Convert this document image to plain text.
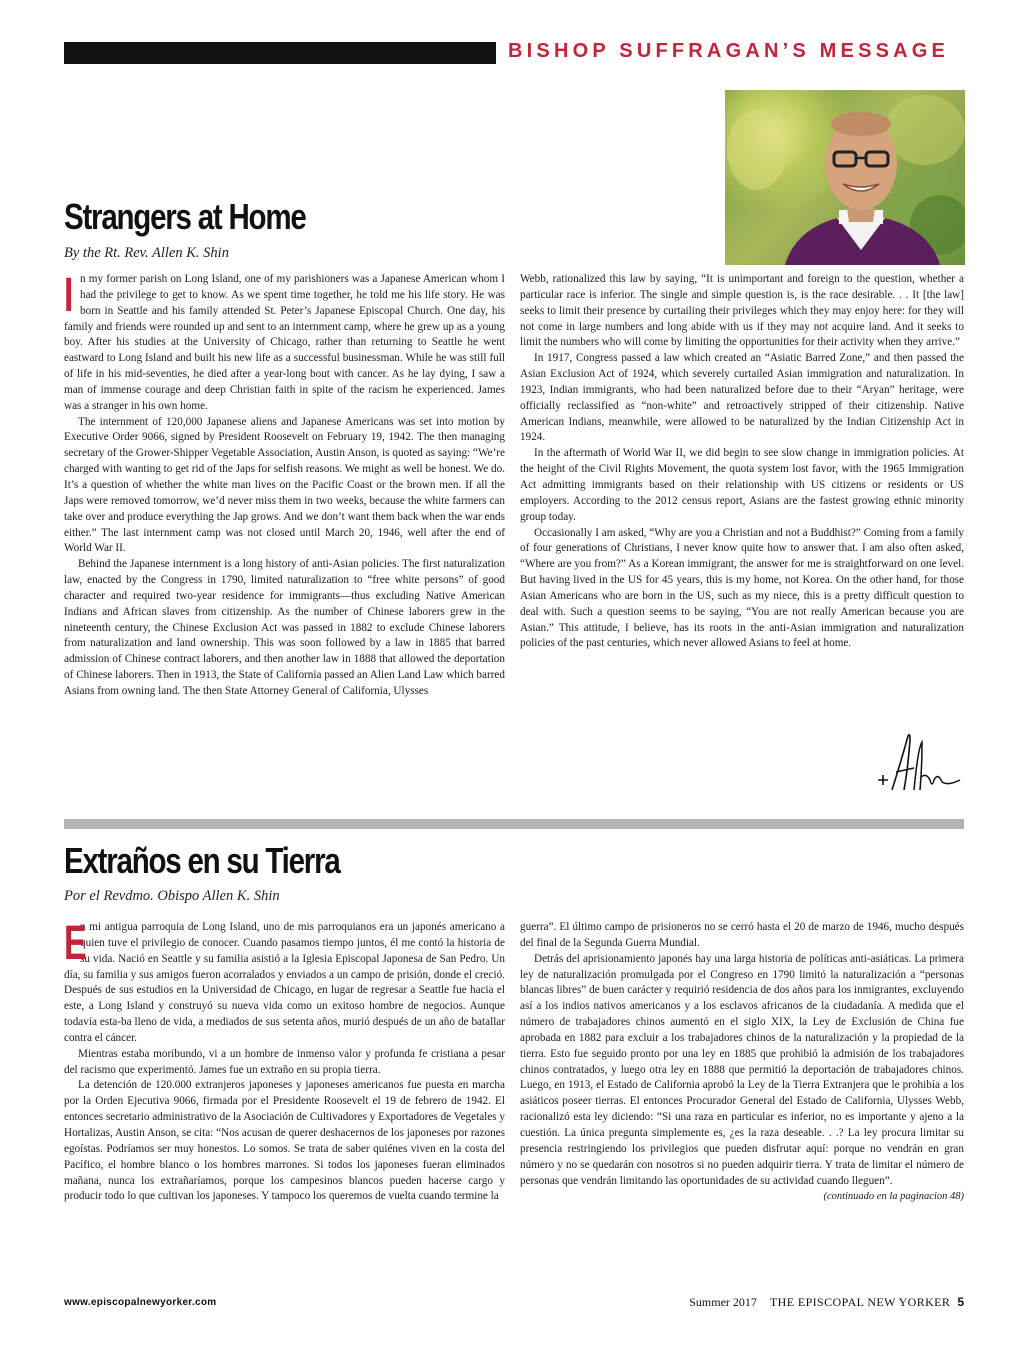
BISHOP SUFFRAGAN’S MESSAGE
Strangers at Home
By the Rt. Rev. Allen K. Shin

In my former parish on Long Island, one of my parishioners was a Japanese American whom I had the privilege to get to know. As we spent time together, he told me his life story. He was born in Seattle and his family attended St. Peter’s Japanese Episcopal Church. One day, his family and friends were rounded up and sent to an internment camp, where he grew up as a young boy. After his studies at the University of Chicago, rather than returning to Seattle he went eastward to Long Island and built his new life as a successful businessman. While he was still full of life in his mid-seventies, he died after a year-long bout with cancer. As he lay dying, I saw a man of immense courage and deep Christian faith in spite of the racism he experienced. James was a stranger in his own home.

The internment of 120,000 Japanese aliens and Japanese Americans was set into motion by Executive Order 9066, signed by President Roosevelt on February 19, 1942. The then managing secretary of the Grower-Shipper Vegetable Association, Austin Anson, is quoted as saying: “We’re charged with wanting to get rid of the Japs for selfish reasons. We might as well be honest. We do. It’s a question of whether the white man lives on the Pacific Coast or the brown men. If all the Japs were removed tomorrow, we’d never miss them in two weeks, because the white farmers can take over and produce everything the Jap grows. And we don’t want them back when the war ends either.” The last internment camp was not closed until March 20, 1946, well after the end of World War II.

Behind the Japanese internment is a long history of anti-Asian policies. The first naturalization law, enacted by the Congress in 1790, limited naturalization to “free white persons” of good character and required two-year residence for immigrants—thus excluding Native American Indians and African slaves from citizenship. As the number of Chinese laborers grew in the nineteenth century, the Chinese Exclusion Act was passed in 1882 to exclude Chinese laborers from naturalization and land ownership. This was soon followed by a law in 1885 that barred admission of Chinese contract laborers, and then another law in 1888 that allowed the deportation of Chinese laborers. Then in 1913, the State of California passed an Alien Land Law which barred Asians from owning land. The then State Attorney General of California, Ulysses

Webb, rationalized this law by saying, “It is unimportant and foreign to the question, whether a particular race is inferior. The single and simple question is, is the race desirable. . . It [the law] seeks to limit their presence by curtailing their privileges which they may enjoy here: for they will not come in large numbers and long abide with us if they may not acquire land. And it seeks to limit the numbers who will come by limiting the opportunities for their activity when they arrive.”

In 1917, Congress passed a law which created an “Asiatic Barred Zone,” and then passed the Asian Exclusion Act of 1924, which severely curtailed Asian immigration and naturalization. In 1923, Indian immigrants, who had been naturalized before due to their “Aryan” heritage, were officially reclassified as “non-white” and retroactively stripped of their citizenship. Native American Indians, meanwhile, were allowed to be naturalized by the Indian Citizenship Act in 1924.

In the aftermath of World War II, we did begin to see slow change in immigration policies. At the height of the Civil Rights Movement, the quota system lost favor, with the 1965 Immigration Act admitting immigrants based on their relationship with US citizens or residents or US employers. According to the 2012 census report, Asians are the fastest growing ethnic minority group today.

Occasionally I am asked, “Why are you a Christian and not a Buddhist?” Coming from a family of four generations of Christians, I never know quite how to answer that. I am also often asked, “Where are you from?” As a Korean immigrant, the answer for me is straightforward on one level. But having lived in the US for 45 years, this is my home, not Korea. On the other hand, for those Asian Americans who are born in the US, such as my niece, this is a pretty difficult question to deal with. Such a question seems to be saying, “You are not really American because you are Asian.” This attitude, I believe, has its roots in the anti-Asian immigration and naturalization policies of the past centuries, which never allowed Asians to feel at home.

Extraños en su Tierra
Por el Revdmo. Obispo Allen K. Shin

E
n mi antigua parroquia de Long Island, uno de mis parroquianos era un japonés americano a quien tuve el privilegio de conocer. Cuando pasamos tiempo juntos, él me contó la historia de su vida. Nació en Seattle y su familia asistió a la Iglesia Episcopal Japonesa de San Pedro. Un día, su familia y sus amigos fueron acorralados y enviados a un campo de prisión, donde el creció. Después de sus estudios en la Universidad de Chicago, en lugar de regresar a Seattle fue hacia el este, a Long Island y construyó su nueva vida como un exitoso hombre de negocios. Aunque todavía esta-ba lleno de vida, a mediados de sus setenta años, murió después de un año de batallar contra el cáncer.

Mientras estaba moribundo, vi a un hombre de inmenso valor y profunda fe cristiana a pesar del racismo que experimentó. James fue un extraño en su propia tierra.

La detención de 120.000 extranjeros japoneses y japoneses americanos fue puesta en marcha por la Orden Ejecutiva 9066, firmada por el Presidente Roosevelt el 19 de febrero de 1942. El entonces secretario administrativo de la Asociación de Cultivadores y Exportadores de Vegetales y Hortalizas, Austin Anson, se cita: “Nos acusan de querer deshacernos de los japoneses por razones egoístas. Podríamos ser muy honestos. Lo somos. Se trata de saber quiénes viven en la costa del Pacífico, el hombre blanco o los hombres marrones. Si todos los japoneses fueran eliminados mañana, nunca los extrañaríamos, porque los campesinos blancos pueden hacerse cargo y producir todo lo que cultivan los japoneses. Y tampoco los queremos de vuelta cuando termine la

guerra”. El último campo de prisioneros no se cerró hasta el 20 de marzo de 1946, mucho después del final de la Segunda Guerra Mundial.

Detrás del aprisionamiento japonés hay una larga historia de políticas anti-asiáticas. La primera ley de naturalización promulgada por el Congreso en 1790 limitó la naturalización a “personas blancas libres” de buen carácter y requirió residencia de dos años para los inmigrantes, excluyendo así a los indios nativos americanos y a los esclavos africanos de la ciudadanía. A medida que el número de trabajadores chinos aumentó en el siglo XIX, la Ley de Exclusión de China fue aprobada en 1882 para excluir a los trabajadores chinos de la naturalización y la propiedad de la tierra. Esto fue seguido pronto por una ley en 1885 que prohibió la admisión de los trabajadores chinos contratados, y luego otra ley en 1888 que permitió la deportación de trabajadores chinos. Luego, en 1913, el Estado de California aprobó la Ley de la Tierra Extranjera que le prohibía a los asiáticos poseer tierras. El entonces Procurador General del Estado de California, Ulysses Webb, racionalizó esta ley diciendo: “Si una raza en particular es inferior, no es importante y ajeno a la cuestión. La única pregunta simplemente es, ¿es la raza deseable. . .? La ley procura limitar su presencia restringiendo los privilegios que pueden disfrutar aquí: porque no vendrán en gran número y no se quedarán con nosotros si no pueden adquirir tierra. Y trata de limitar el número de personas que vendrán limitando las oportunidades de su actividad cuando lleguen”.

(continuado en la paginacion 48)
www.episcopalnewyorker.com	Summer 2017 THE EPISCOPAL NEW YORKER 5
